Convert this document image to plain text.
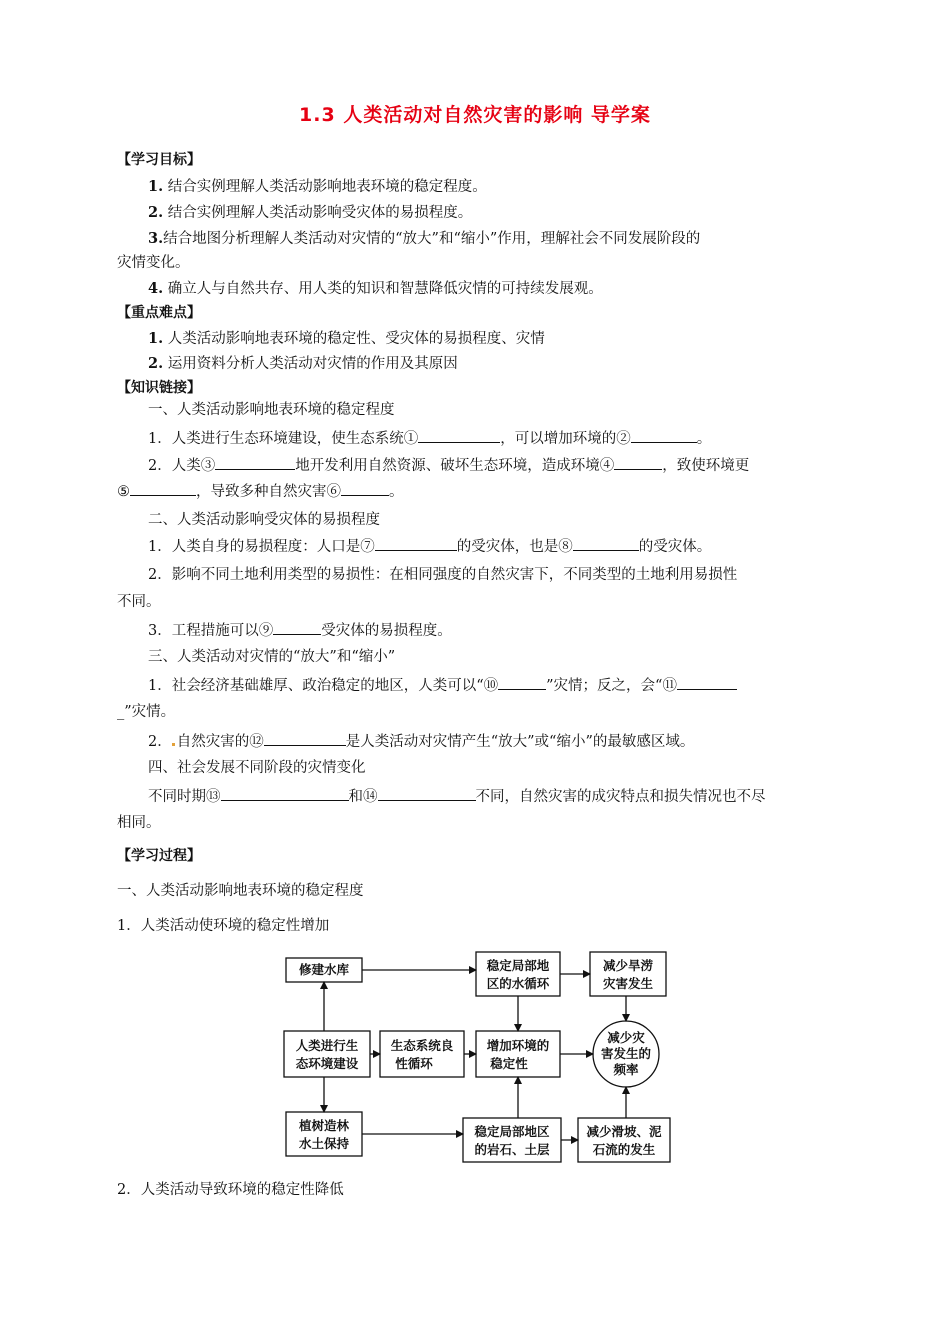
1.3 人类活动对自然灾害的影响 导学案
【学习目标】
1. 结合实例理解人类活动影响地表环境的稳定程度。
2. 结合实例理解人类活动影响受灾体的易损程度。
3.结合地图分析理解人类活动对灾情的“放大”和“缩小”作用，理解社会不同发展阶段的
灾情变化。
4. 确立人与自然共存、用人类的知识和智慧降低灾情的可持续发展观。
【重点难点】
1. 人类活动影响地表环境的稳定性、受灾体的易损程度、灾情
2. 运用资料分析人类活动对灾情的作用及其原因
【知识链接】
一、人类活动影响地表环境的稳定程度
1．人类进行生态环境建设，使生态系统①	，可以增加环境的②	。
2．人类③	地开发利用自然资源、破坏生态环境，造成环境④	，致使环境更
⑤	，导致多种自然灾害⑥	。
二、人类活动影响受灾体的易损程度
1．人类自身的易损程度：人口是⑦	的受灾体，也是⑧	的受灾体。
2．影响不同土地利用类型的易损性：在相同强度的自然灾害下，不同类型的土地利用易损性
不同。
3．工程措施可以⑨	受灾体的易损程度。
三、人类活动对灾情的“放大”和“缩小”
1．社会经济基础雄厚、政治稳定的地区，人类可以“⑩	”灾情；反之，会“⑪
_”灾情。
2． 自然灾害的⑫	是人类活动对灾情产生“放大”或“缩小”的最敏感区域。
四、社会发展不同阶段的灾情变化
不同时期⑬	和⑭	不同，自然灾害的成灾特点和损失情况也不尽
相同。
【学习过程】
一、人类活动影响地表环境的稳定程度
1．人类活动使环境的稳定性增加
修建水库	稳定局部地
区的水循环
减少旱涝
灾害发生
人类进行生
态环境建设
生态系统良
性循环
增加环境的
稳定性
减少灾
害发生的
频率
植树造林
水土保持
稳定局部地区
的岩石、土层
减少滑坡、泥
石流的发生
2．人类活动导致环境的稳定性降低
